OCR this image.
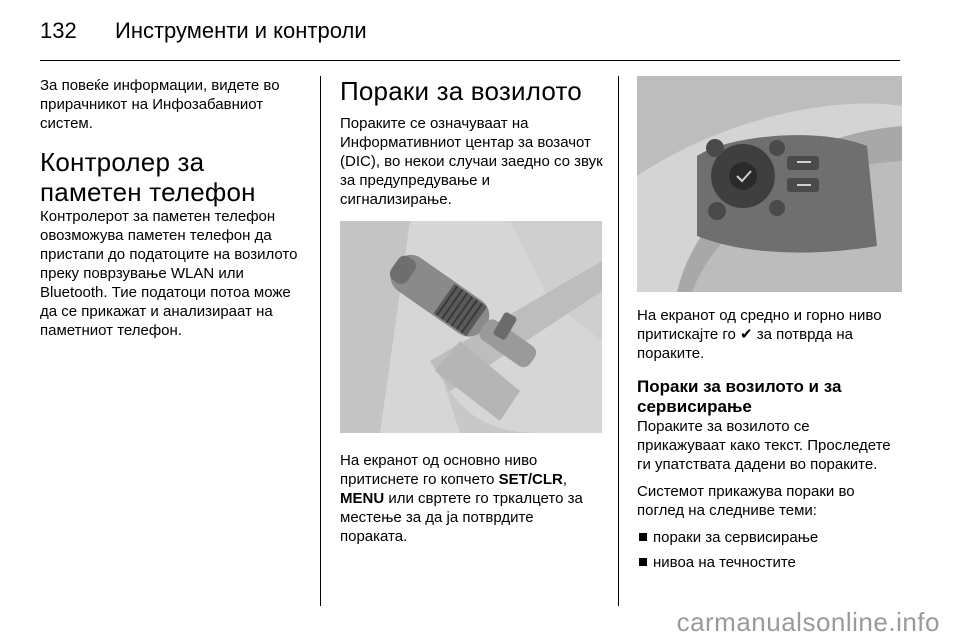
132 Инструменти и контроли

За повеќе информации, видете во прирачникот на Инфозабавниот систем.

Контролер за паметен телефон

Контролерот за паметен телефон овозможува паметен телефон да пристапи до податоците на возилото преку поврзување WLAN или Bluetooth. Тие податоци потоа може да се прикажат и анализираат на паметниот телефон.

Пораки за возилото

Пораките се означуваат на Информативниот центар за возачот (DIC), во некои случаи заедно со звук за предупредување и сигнализирање.

На екранот од основно ниво притиснете го копчето SET/CLR,
MENU или свртете го тркалцето за местење за да ја потврдите пораката.

На екранот од средно и горно ниво притискајте го ✔ за потврда на пораките.

Пораки за возилото и за сервисирање

Пораките за возилото се прикажуваат како текст. Проследете ги упатствата дадени во пораките.

Системот прикажува пораки во поглед на следниве теми:

пораки за сервисирање
нивоа на течностите
carmanualsonline.info
